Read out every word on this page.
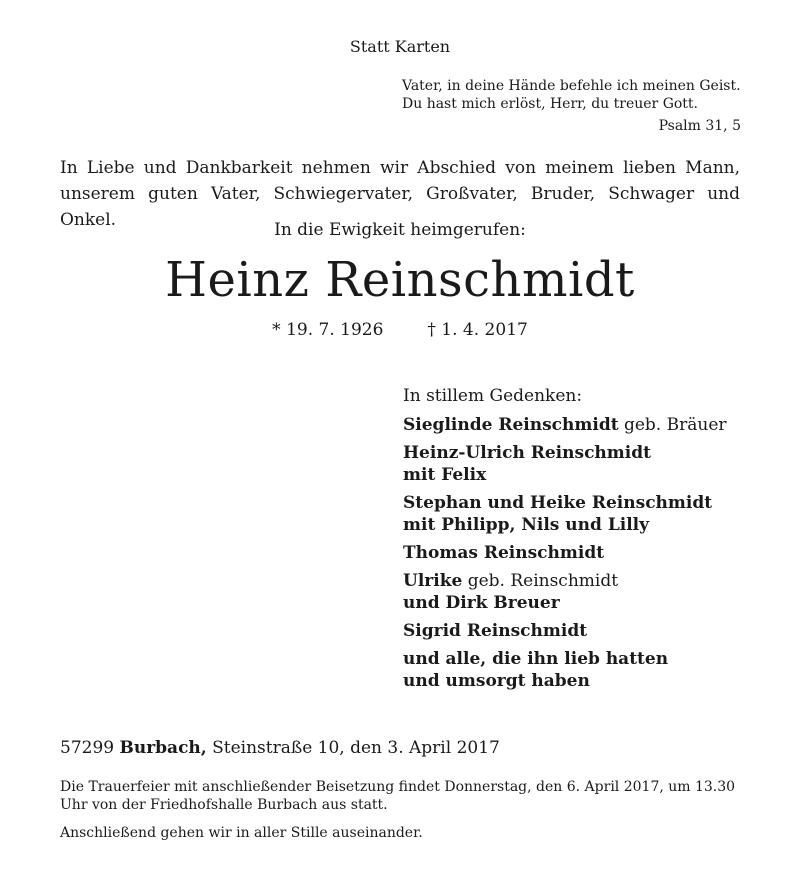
Statt Karten
Vater, in deine Hände befehle ich meinen Geist.
Du hast mich erlöst, Herr, du treuer Gott.
Psalm 31, 5
In Liebe und Dankbarkeit nehmen wir Abschied von meinem lieben Mann, unserem guten Vater, Schwiegervater, Großvater, Bruder, Schwager und Onkel.	In die Ewigkeit heimgerufen:
Heinz Reinschmidt
* 19. 7. 1926	† 1. 4. 2017
In stillem Gedenken:
Sieglinde Reinschmidt geb. Bräuer
Heinz-Ulrich Reinschmidt
mit Felix
Stephan und Heike Reinschmidt
mit Philipp, Nils und Lilly
Thomas Reinschmidt
Ulrike geb. Reinschmidt
und Dirk Breuer
Sigrid Reinschmidt
und alle, die ihn lieb hatten
und umsorgt haben
57299 Burbach, Steinstraße 10, den 3. April 2017
Die Trauerfeier mit anschließender Beisetzung findet Donnerstag, den 6. April 2017, um 13.30 Uhr von der Friedhofshalle Burbach aus statt.
Anschließend gehen wir in aller Stille auseinander.
